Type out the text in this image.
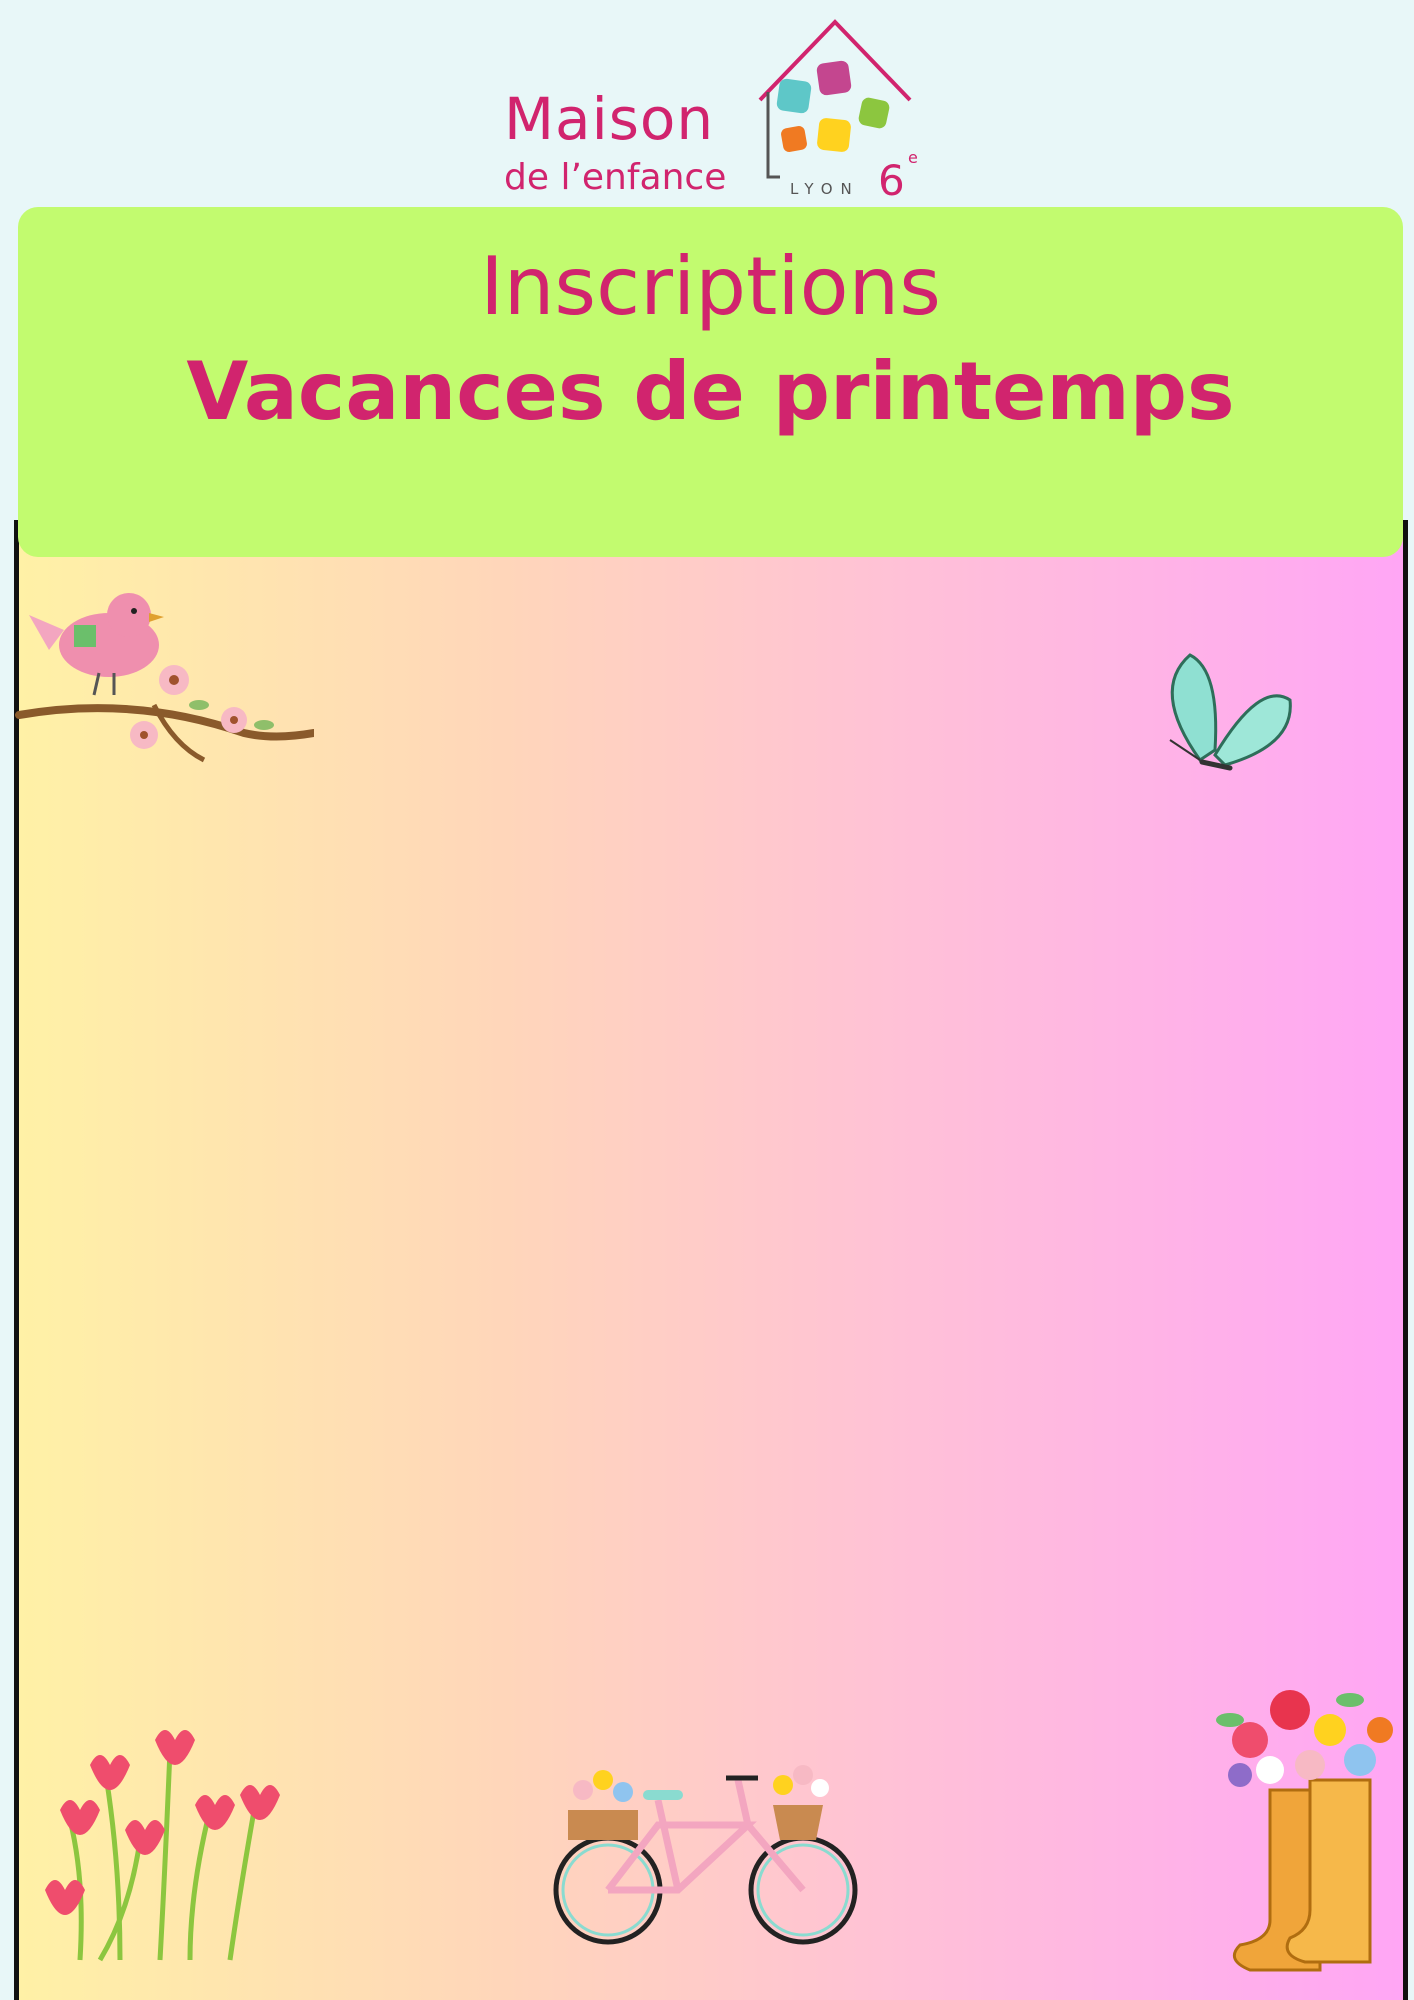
Maison
de l’enfance	LYON 6 e
Inscriptions
Vacances de printemps
